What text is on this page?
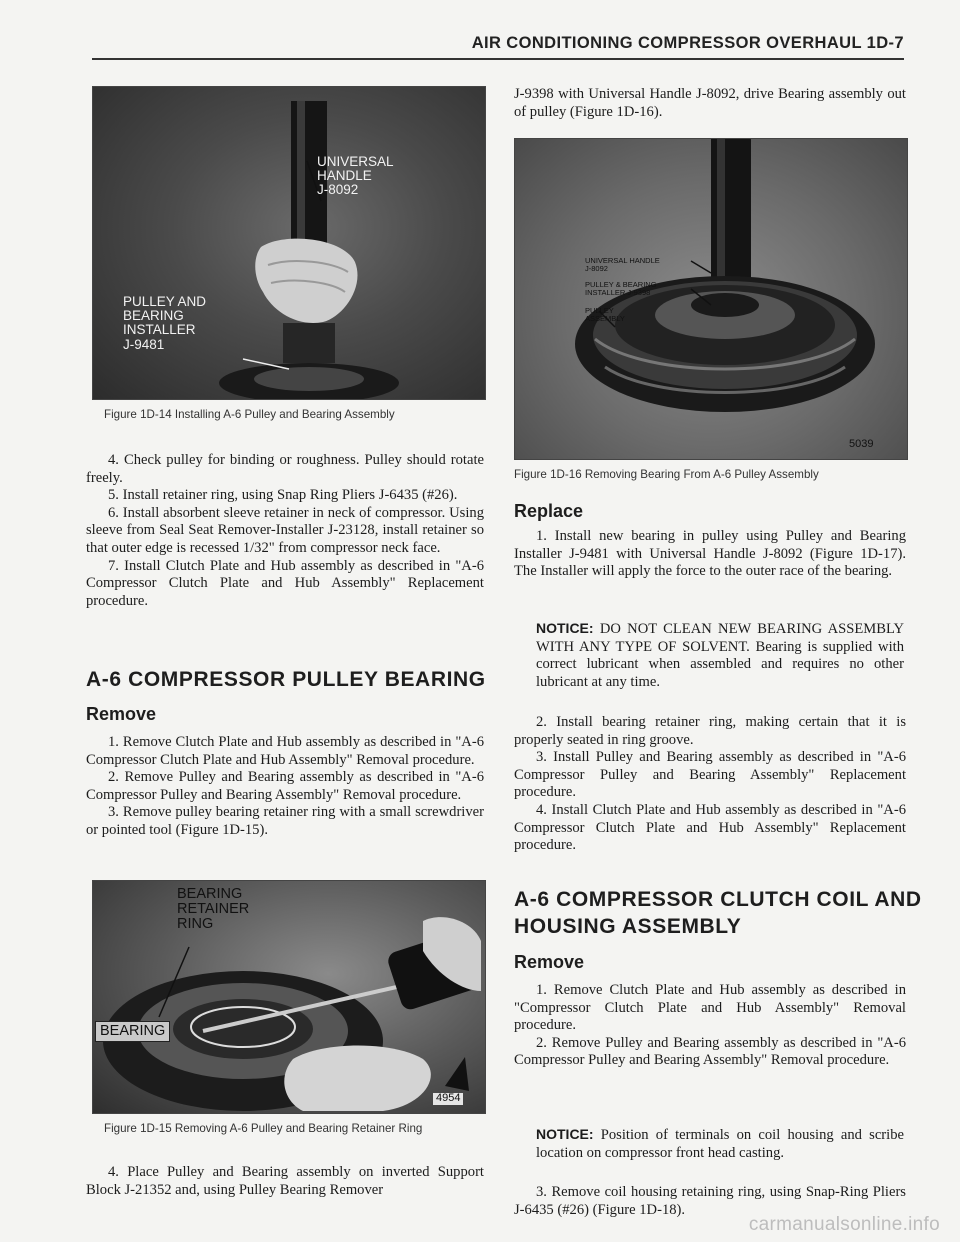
AIR CONDITIONING COMPRESSOR OVERHAUL 1D-7
UNIVERSAL
HANDLE
J-8092
PULLEY AND
BEARING
INSTALLER
J-9481
Figure 1D-14 Installing A-6 Pulley and Bearing Assembly

4. Check pulley for binding or roughness. Pulley should rotate freely.

5. Install retainer ring, using Snap Ring Pliers J-6435 (#26).

6. Install absorbent sleeve retainer in neck of compressor. Using sleeve from Seal Seat Remover-Installer J-23128, install retainer so that outer edge is recessed 1/32" from compressor neck face.

7. Install Clutch Plate and Hub assembly as described in "A-6 Compressor Clutch Plate and Hub Assembly" Replacement procedure.

A-6 COMPRESSOR PULLEY BEARING
Remove

1. Remove Clutch Plate and Hub assembly as described in "A-6 Compressor Clutch Plate and Hub Assembly" Removal procedure.

2. Remove Pulley and Bearing assembly as described in "A-6 Compressor Pulley and Bearing Assembly" Removal procedure.

3. Remove pulley bearing retainer ring with a small screwdriver or pointed tool (Figure 1D-15).

BEARING
RETAINER
RING
BEARING
4954
Figure 1D-15 Removing A-6 Pulley and Bearing Retainer Ring

4. Place Pulley and Bearing assembly on inverted Support Block J-21352 and, using Pulley Bearing Remover

J-9398 with Universal Handle J-8092, drive Bearing assembly out of pulley (Figure 1D-16).

UNIVERSAL HANDLE
J-8092
PULLEY & BEARING
INSTALLER J-9398
PULLEY
ASSEMBLY
5039
Figure 1D-16 Removing Bearing From A-6 Pulley Assembly
Replace

1. Install new bearing in pulley using Pulley and Bearing Installer J-9481 with Universal Handle J-8092 (Figure 1D-17). The Installer will apply the force to the outer race of the bearing.

NOTICE: DO NOT CLEAN NEW BEARING ASSEMBLY WITH ANY TYPE OF SOLVENT. Bearing is supplied with correct lubricant when assembled and requires no other lubricant at any time.

2. Install bearing retainer ring, making certain that it is properly seated in ring groove.

3. Install Pulley and Bearing assembly as described in "A-6 Compressor Pulley and Bearing Assembly" Replacement procedure.

4. Install Clutch Plate and Hub assembly as described in "A-6 Compressor Clutch Plate and Hub Assembly" Replacement procedure.

A-6 COMPRESSOR CLUTCH COIL AND
HOUSING ASSEMBLY
Remove

1. Remove Clutch Plate and Hub assembly as described in "Compressor Clutch Plate and Hub Assembly" Removal procedure.

2. Remove Pulley and Bearing assembly as described in "A-6 Compressor Pulley and Bearing Assembly" Removal procedure.

NOTICE: Position of terminals on coil housing and scribe location on compressor front head casting.

3. Remove coil housing retaining ring, using Snap-Ring Pliers J-6435 (#26) (Figure 1D-18).

carmanualsonline.info
